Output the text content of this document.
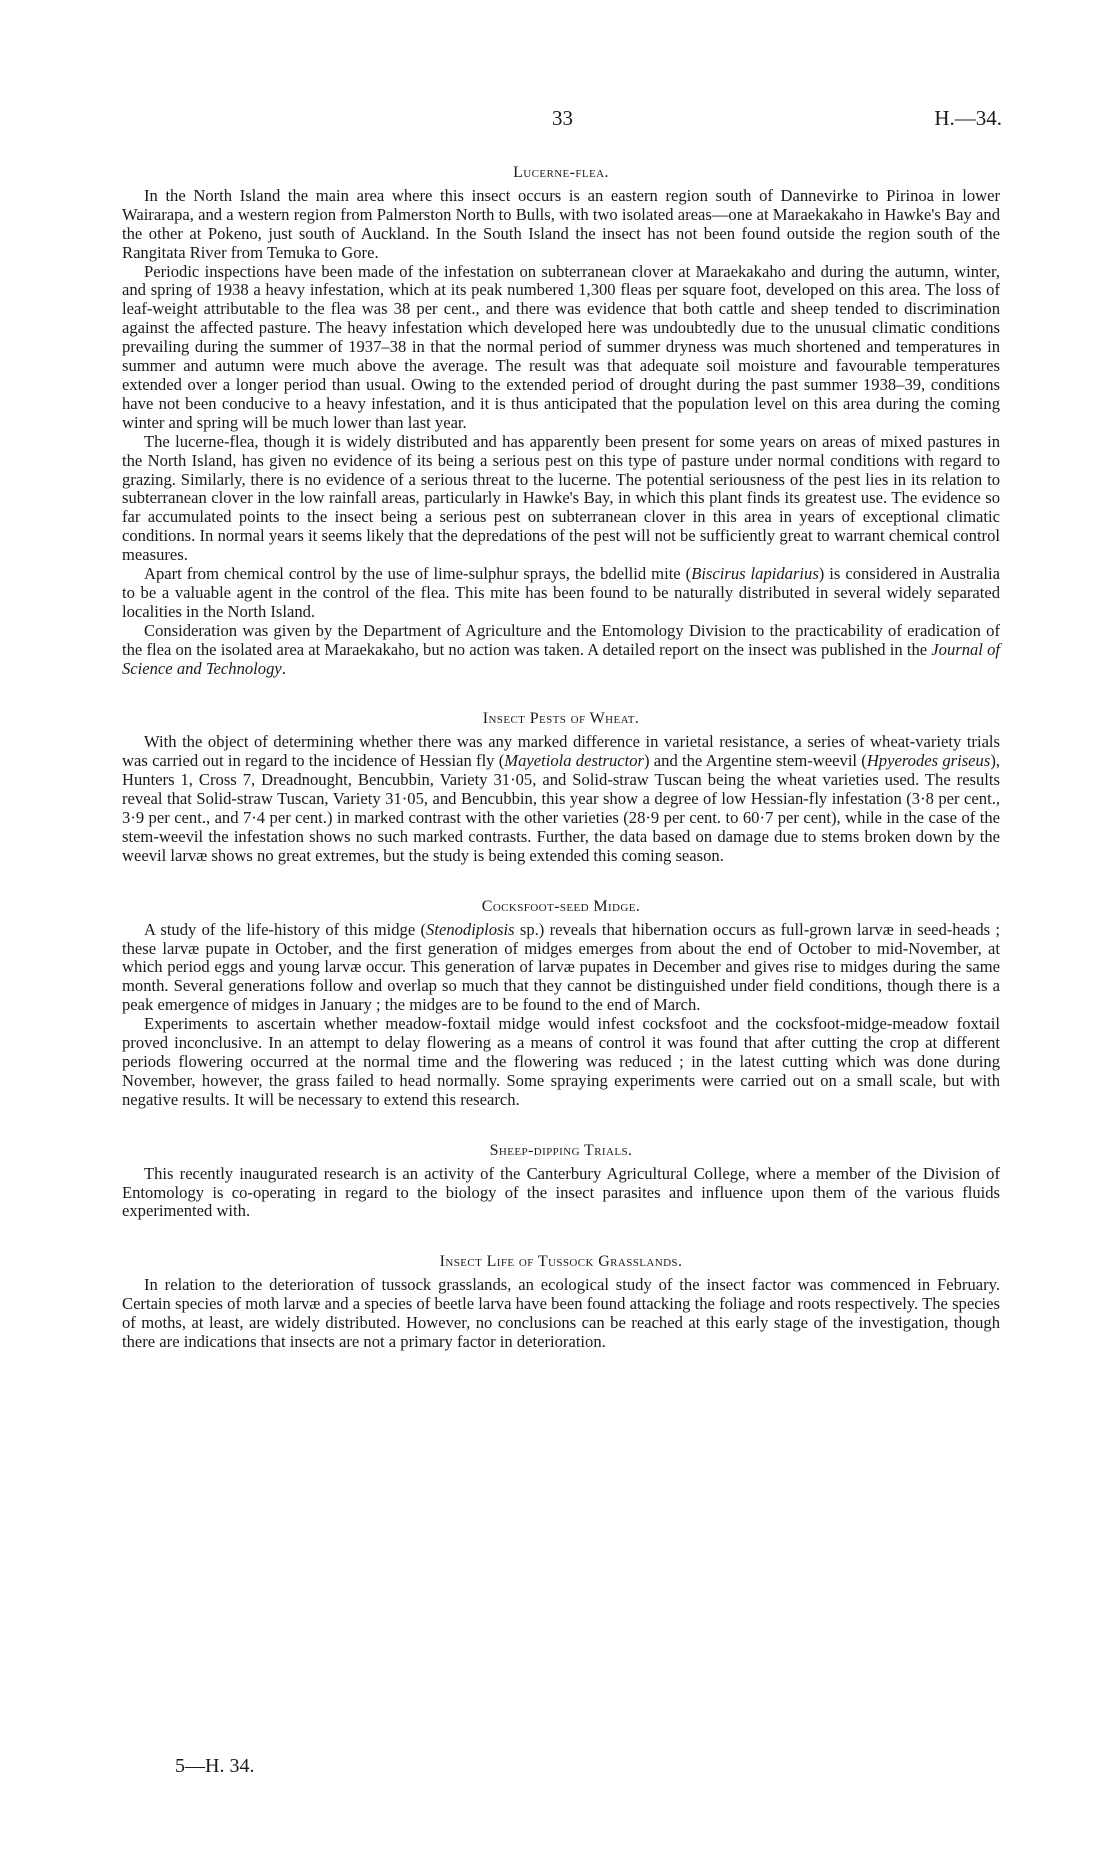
33	H.—34.
Lucerne-flea.

In the North Island the main area where this insect occurs is an eastern region south of Dannevirke to Pirinoa in lower Wairarapa, and a western region from Palmerston North to Bulls, with two isolated areas—one at Maraekakaho in Hawke's Bay and the other at Pokeno, just south of Auckland. In the South Island the insect has not been found outside the region south of the Rangitata River from Temuka to Gore.

Periodic inspections have been made of the infestation on subterranean clover at Maraekakaho and during the autumn, winter, and spring of 1938 a heavy infestation, which at its peak numbered 1,300 fleas per square foot, developed on this area. The loss of leaf-weight attributable to the flea was 38 per cent., and there was evidence that both cattle and sheep tended to discrimination against the affected pasture. The heavy infestation which developed here was undoubtedly due to the unusual climatic conditions prevailing during the summer of 1937–38 in that the normal period of summer dryness was much shortened and temperatures in summer and autumn were much above the average. The result was that adequate soil moisture and favourable temperatures extended over a longer period than usual. Owing to the extended period of drought during the past summer 1938–39, conditions have not been conducive to a heavy infestation, and it is thus anticipated that the population level on this area during the coming winter and spring will be much lower than last year.

The lucerne-flea, though it is widely distributed and has apparently been present for some years on areas of mixed pastures in the North Island, has given no evidence of its being a serious pest on this type of pasture under normal conditions with regard to grazing. Similarly, there is no evidence of a serious threat to the lucerne. The potential seriousness of the pest lies in its relation to subterranean clover in the low rainfall areas, particularly in Hawke's Bay, in which this plant finds its greatest use. The evidence so far accumulated points to the insect being a serious pest on subterranean clover in this area in years of exceptional climatic conditions. In normal years it seems likely that the depredations of the pest will not be sufficiently great to warrant chemical control measures.

Apart from chemical control by the use of lime-sulphur sprays, the bdellid mite (Biscirus lapidarius) is considered in Australia to be a valuable agent in the control of the flea. This mite has been found to be naturally distributed in several widely separated localities in the North Island.

Consideration was given by the Department of Agriculture and the Entomology Division to the practicability of eradication of the flea on the isolated area at Maraekakaho, but no action was taken. A detailed report on the insect was published in the Journal of Science and Technology.

Insect Pests of Wheat.

With the object of determining whether there was any marked difference in varietal resistance, a series of wheat-variety trials was carried out in regard to the incidence of Hessian fly (Mayetiola destructor) and the Argentine stem-weevil (Hpyerodes griseus), Hunters 1, Cross 7, Dreadnought, Bencubbin, Variety 31·05, and Solid-straw Tuscan being the wheat varieties used. The results reveal that Solid-straw Tuscan, Variety 31·05, and Bencubbin, this year show a degree of low Hessian-fly infestation (3·8 per cent., 3·9 per cent., and 7·4 per cent.) in marked contrast with the other varieties (28·9 per cent. to 60·7 per cent), while in the case of the stem-weevil the infestation shows no such marked contrasts. Further, the data based on damage due to stems broken down by the weevil larvæ shows no great extremes, but the study is being extended this coming season.

Cocksfoot-seed Midge.

A study of the life-history of this midge (Stenodiplosis sp.) reveals that hibernation occurs as full-grown larvæ in seed-heads ; these larvæ pupate in October, and the first generation of midges emerges from about the end of October to mid-November, at which period eggs and young larvæ occur. This generation of larvæ pupates in December and gives rise to midges during the same month. Several generations follow and overlap so much that they cannot be distinguished under field conditions, though there is a peak emergence of midges in January ; the midges are to be found to the end of March.

Experiments to ascertain whether meadow-foxtail midge would infest cocksfoot and the cocksfoot-midge-meadow foxtail proved inconclusive. In an attempt to delay flowering as a means of control it was found that after cutting the crop at different periods flowering occurred at the normal time and the flowering was reduced ; in the latest cutting which was done during November, however, the grass failed to head normally. Some spraying experiments were carried out on a small scale, but with negative results. It will be necessary to extend this research.

Sheep-dipping Trials.

This recently inaugurated research is an activity of the Canterbury Agricultural College, where a member of the Division of Entomology is co-operating in regard to the biology of the insect parasites and influence upon them of the various fluids experimented with.

Insect Life of Tussock Grasslands.

In relation to the deterioration of tussock grasslands, an ecological study of the insect factor was commenced in February. Certain species of moth larvæ and a species of beetle larva have been found attacking the foliage and roots respectively. The species of moths, at least, are widely distributed. However, no conclusions can be reached at this early stage of the investigation, though there are indications that insects are not a primary factor in deterioration.

5—H. 34.
